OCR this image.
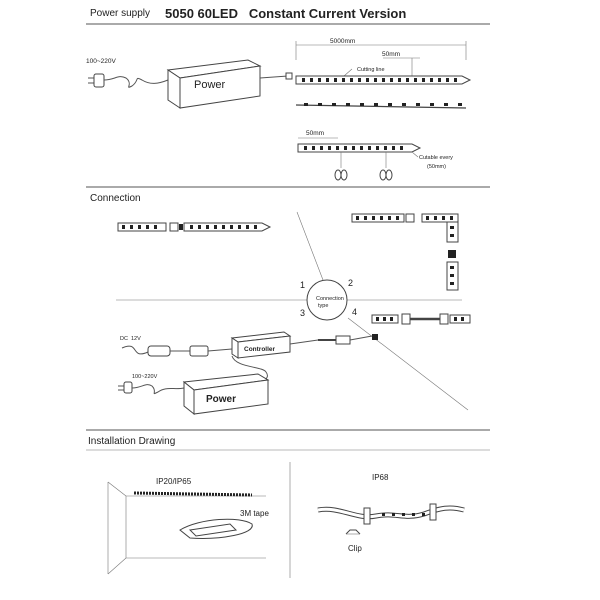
Power supply 5050 60LED   Constant Current Version
100~220V
Power
5000mm
50mm
Cutting line
50mm
Cutable every
(50mm)
Connection
Connection
type
1	2
3	4
DC  12V
Controller
100~220V
Power
Installation Drawing
IP20/IP65
3M tape
IP68
Clip
